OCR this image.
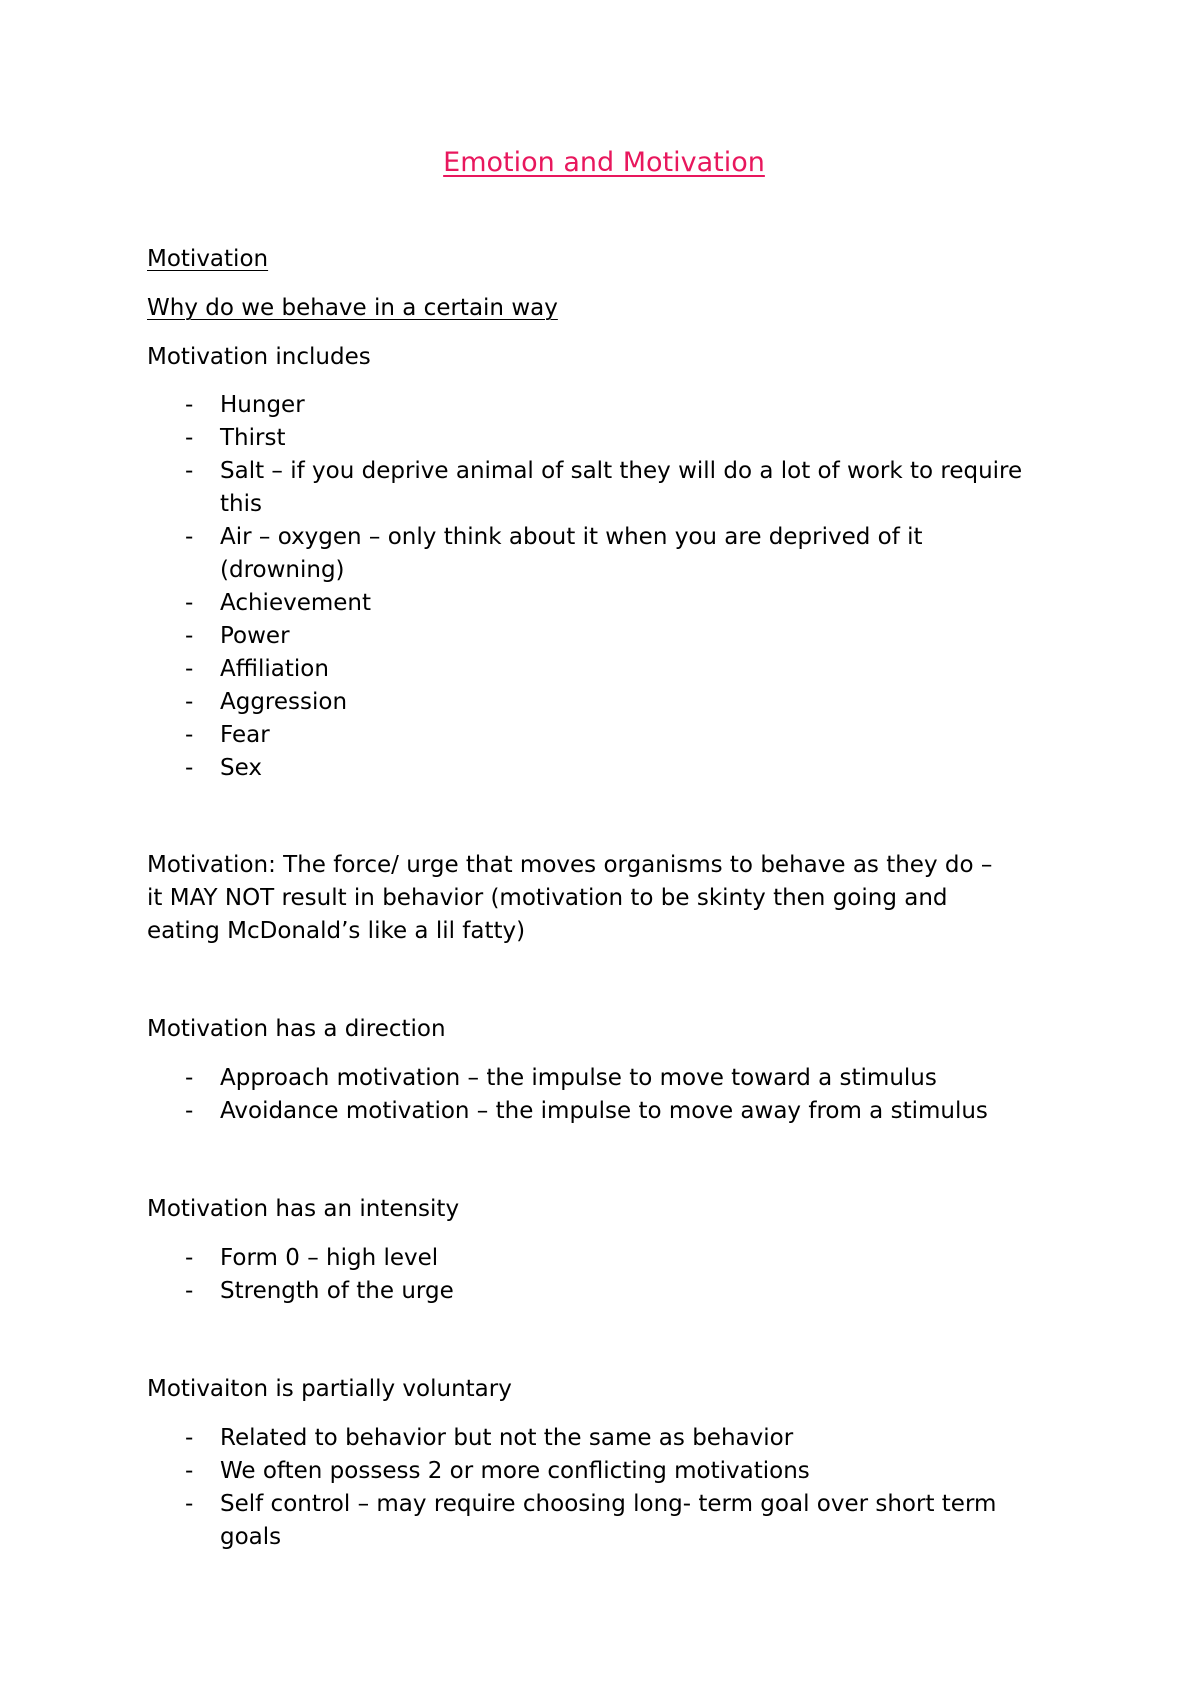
Emotion and Motivation
Motivation
Why do we behave in a certain way
Motivation includes
- Hunger
- Thirst
- Salt – if you deprive animal of salt they will do a lot of work to require this
- Air – oxygen – only think about it when you are deprived of it (drowning)
- Achievement
- Power
- Affiliation
- Aggression
- Fear
- Sex
Motivation: The force/ urge that moves organisms to behave as they do –
it MAY NOT result in behavior (motivation to be skinty then going and
eating McDonald’s like a lil fatty)
Motivation has a direction
- Approach motivation – the impulse to move toward a stimulus
- Avoidance motivation – the impulse to move away from a stimulus
Motivation has an intensity
- Form 0 – high level
- Strength of the urge
Motivaiton is partially voluntary
- Related to behavior but not the same as behavior
- We often possess 2 or more conflicting motivations
- Self control – may require choosing long- term goal over short term goals
